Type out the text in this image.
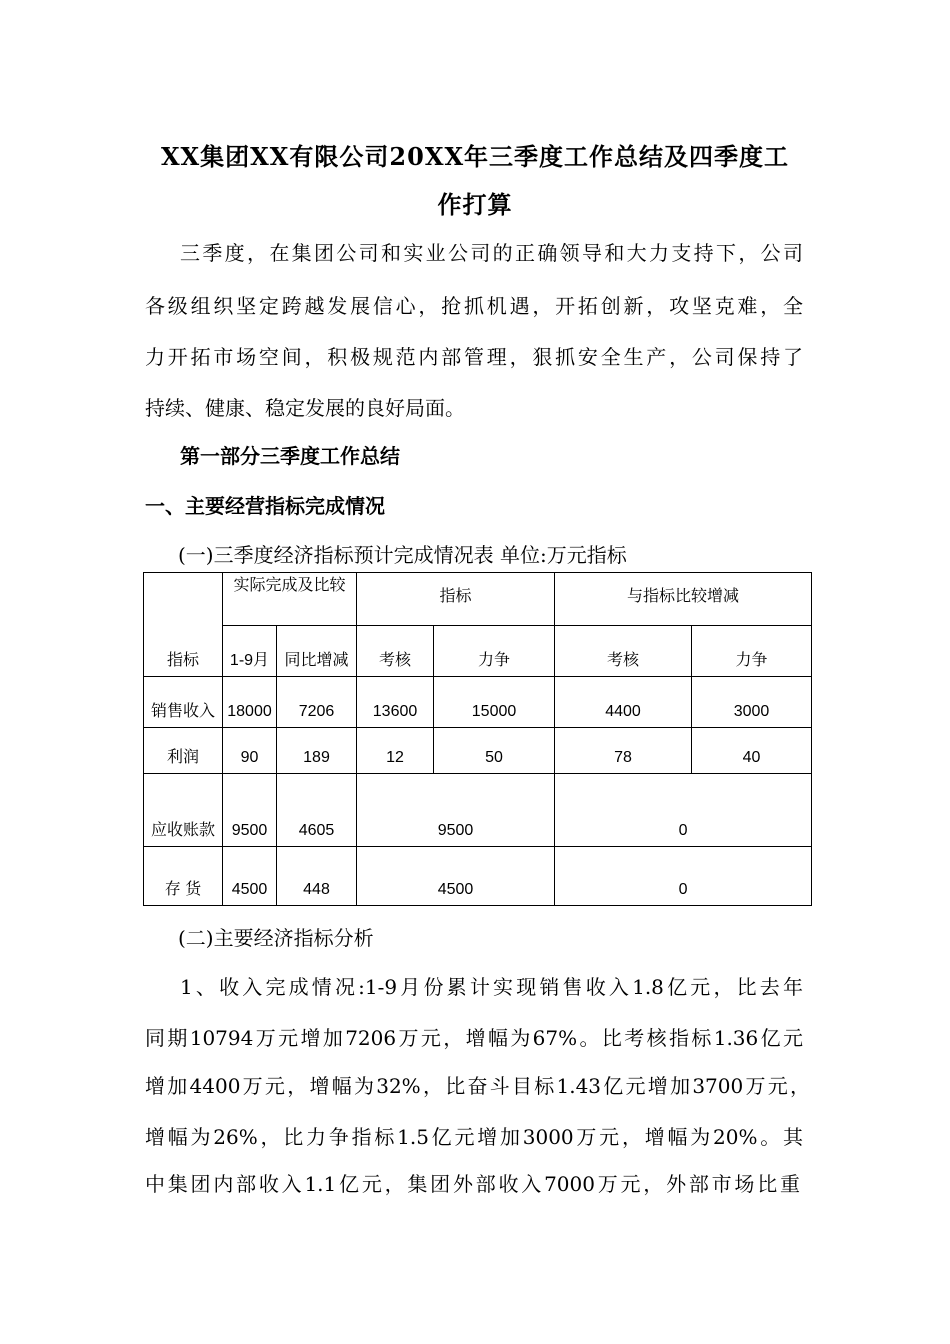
XX集团XX有限公司20XX年三季度工作总结及四季度工
作打算
三季度，在集团公司和实业公司的正确领导和大力支持下，公司
各级组织坚定跨越发展信心，抢抓机遇，开拓创新，攻坚克难，全
力开拓市场空间，积极规范内部管理，狠抓安全生产，公司保持了
持续、健康、稳定发展的良好局面。
第一部分三季度工作总结
一、主要经营指标完成情况
(一)三季度经济指标预计完成情况表 单位:万元指标
指标	实际完成及比较		指标		与指标比较增减	
	1-9月	同比增减	考核	力争	考核	力争
销售收入	18000	7206	13600	15000	4400	3000
利润	90	189	12	50	78	40
应收账款	9500	4605	9500		0	
存 货	4500	448	4500		0	
(二)主要经济指标分析
1、收入完成情况:1-9月份累计实现销售收入1.8亿元，比去年
同期10794万元增加7206万元，增幅为67%。比考核指标1.36亿元
增加4400万元，增幅为32%，比奋斗目标1.43亿元增加3700万元，
增幅为26%，比力争指标1.5亿元增加3000万元，增幅为20%。其
中集团内部收入1.1亿元，集团外部收入7000万元，外部市场比重
